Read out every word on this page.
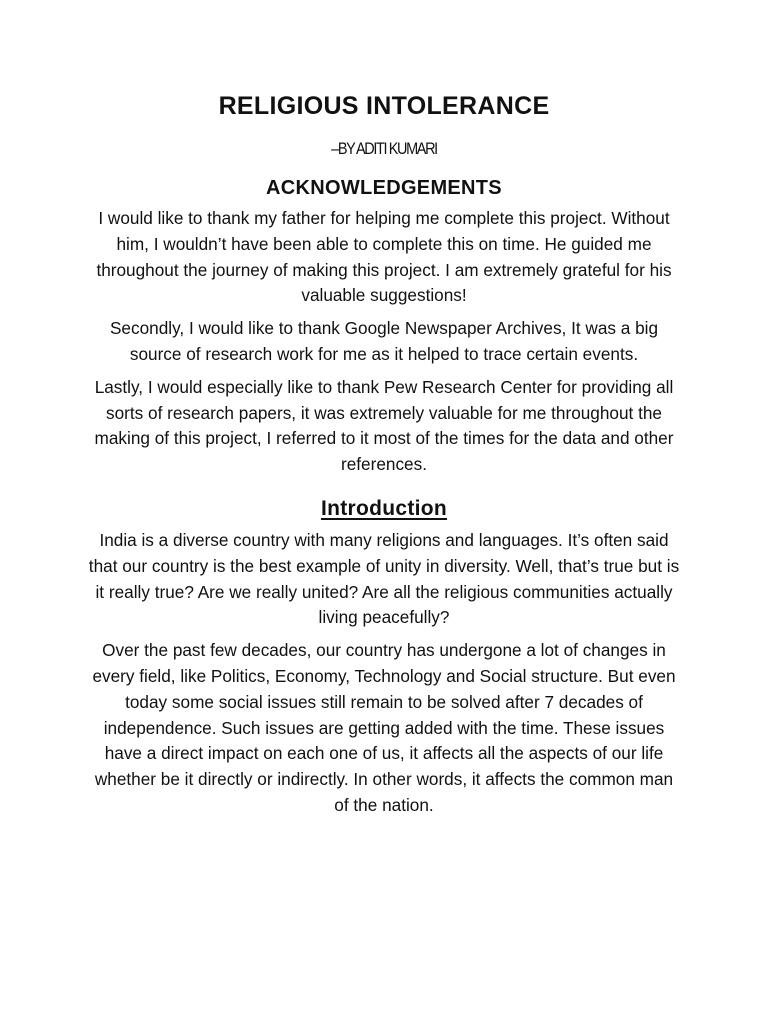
RELIGIOUS INTOLERANCE
–BY ADITI KUMARI
ACKNOWLEDGEMENTS

I would like to thank my father for helping me complete this project. Without him, I wouldn’t have been able to complete this on time. He guided me throughout the journey of making this project. I am extremely grateful for his valuable suggestions!

Secondly, I would like to thank Google Newspaper Archives, It was a big source of research work for me as it helped to trace certain events.

Lastly, I would especially like to thank Pew Research Center for providing all sorts of research papers, it was extremely valuable for me throughout the making of this project, I referred to it most of the times for the data and other references.

Introduction

India is a diverse country with many religions and languages. It’s often said that our country is the best example of unity in diversity. Well, that’s true but is it really true? Are we really united? Are all the religious communities actually living peacefully?

Over the past few decades, our country has undergone a lot of changes in every field, like Politics, Economy, Technology and Social structure. But even today some social issues still remain to be solved after 7 decades of independence. Such issues are getting added with the time. These issues have a direct impact on each one of us, it affects all the aspects of our life whether be it directly or indirectly. In other words, it affects the common man of the nation.
